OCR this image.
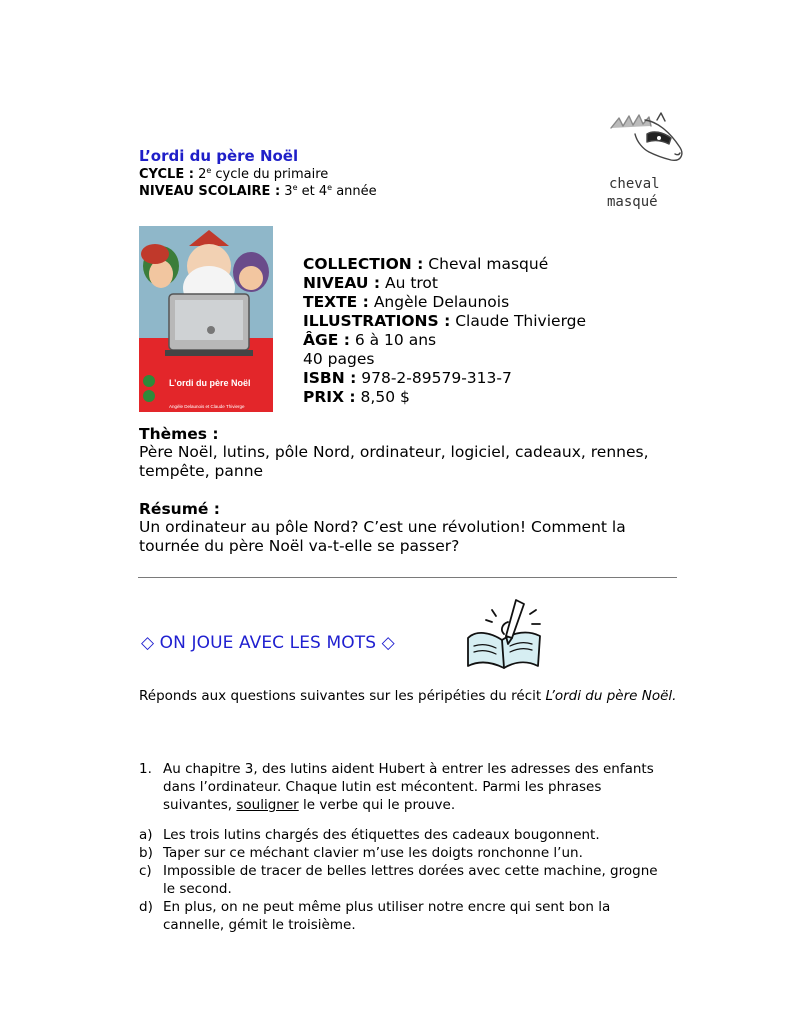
L’ordi du père Noël
CYCLE : 2e cycle du primaire
NIVEAU SCOLAIRE : 3e et 4e année	cheval
masqué
L’ordi du père Noël
Angèle Delaunois et Claude Thivierge
COLLECTION : Cheval masqué
NIVEAU : Au trot
TEXTE : Angèle Delaunois
ILLUSTRATIONS : Claude Thivierge
ÂGE : 6 à 10 ans
40 pages
ISBN : 978-2-89579-313-7
PRIX : 8,50 $
Thèmes :
Père Noël, lutins, pôle Nord, ordinateur, logiciel, cadeaux, rennes, tempête, panne
Résumé :
Un ordinateur au pôle Nord? C’est une révolution! Comment la tournée du père Noël va-t-elle se passer?
◇ ON JOUE AVEC LES MOTS ◇
Réponds aux questions suivantes sur les péripéties du récit L’ordi du père Noël.
1. Au chapitre 3, des lutins aident Hubert à entrer les adresses des enfants dans l’ordinateur. Chaque lutin est mécontent. Parmi les phrases suivantes, souligner le verbe qui le prouve.
a) Les trois lutins chargés des étiquettes des cadeaux bougonnent.
b) Taper sur ce méchant clavier m’use les doigts ronchonne l’un.
c) Impossible de tracer de belles lettres dorées avec cette machine, grogne le second.
d) En plus, on ne peut même plus utiliser notre encre qui sent bon la cannelle, gémit le troisième.
